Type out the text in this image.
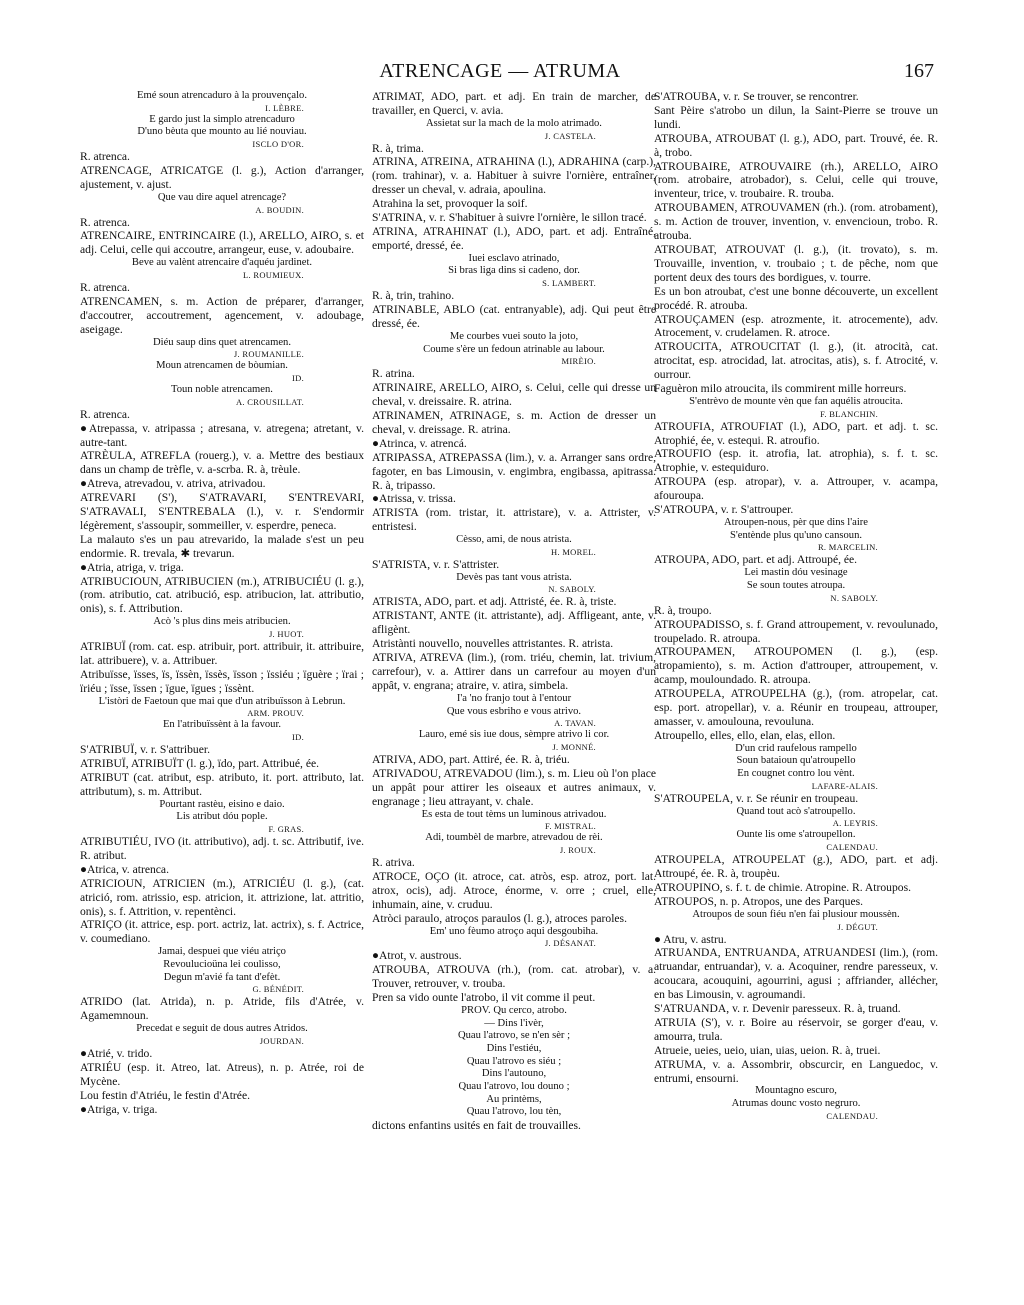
ATRENCAGE — ATRUMA	167

Emé soun atrencaduro à la prouvençalo.

I. LÈBRE.

E gardo just la simplo atrencaduro

D'uno bèuta que mounto au lié nouviau.

ISCLO D'OR.

R. atrenca.

ATRENCAGE, ATRICATGE (l. g.), Action d'arranger, ajustement, v. ajust.

Que vau dire aquel atrencage?

A. BOUDIN.

R. atrenca.

ATRENCAIRE, ENTRINCAIRE (l.), ARELLO, AIRO, s. et adj. Celui, celle qui accoutre, arrangeur, euse, v. adoubaire.

Beve au valènt atrencaire d'aquéu jardinet.

L. ROUMIEUX.

R. atrenca.

ATRENCAMEN, s. m. Action de préparer, d'arranger, d'accoutrer, accoutrement, agencement, v. adoubage, aseigage.

Diéu saup dins quet atrencamen.

J. ROUMANILLE.

Moun atrencamen de bòumian.

ID.

Toun noble atrencamen.

A. CROUSILLAT.

R. atrenca.

●Atrepassa, v. atripassa ; atresana, v. atregena; atretant, v. autre-tant.

ATRÈULA, ATREFLA (rouerg.), v. a. Mettre des bestiaux dans un champ de trèfle, v. a-scrba. R. à, trèule.

●Atreva, atrevadou, v. atriva, atrivadou.

ATREVARI (S'), S'ATRAVARI, S'ENTREVARI, S'ATRAVALI, S'ENTREBALA (l.), v. r. S'endormir légèrement, s'assoupir, sommeiller, v. esperdre, peneca.

La malauto s'es un pau atrevarido, la malade s'est un peu endormie. R. trevala, ✱ trevarun.

●Atria, atriga, v. triga.

ATRIBUCIOUN, ATRIBUCIEN (m.), ATRIBUCIÉU (l. g.), (rom. atributio, cat. atribució, esp. atribucion, lat. attributio, onis), s. f. Attribution.

Acò 's plus dins meis atribucien.

J. HUOT.

ATRIBUÏ (rom. cat. esp. atribuir, port. attribuir, it. attribuire, lat. attribuere), v. a. Attribuer.

Atribuïsse, ïsses, ïs, ïssèn, ïssès, ïsson ; ïssiéu ; ïguère ; ïrai ; ïriéu ; ïsse, ïssen ; ïgue, ïgues ; ïssènt.

L'istòri de Faetoun que mai que d'un atribuïsson à Lebrun.

ARM. PROUV.

En l'atribuïssènt à la favour.

ID.

S'ATRIBUÏ, v. r. S'attribuer.

ATRIBUÏ, ATRIBUÏT (l. g.), ïdo, part. Attribué, ée.

ATRIBUT (cat. atribut, esp. atributo, it. port. attributo, lat. attributum), s. m. Attribut.

Pourtant rastèu, eisino e daio.

Lis atribut dóu pople.

F. GRAS.

ATRIBUTIÉU, IVO (it. attributivo), adj. t. sc. Attributif, ive. R. atribut.

●Atrica, v. atrenca.

ATRICIOUN, ATRICIEN (m.), ATRICIÉU (l. g.), (cat. atrició, rom. atrissio, esp. atricion, it. attrizione, lat. attritio, onis), s. f. Attrition, v. repentènci.

ATRIÇO (it. attrice, esp. port. actriz, lat. actrix), s. f. Actrice, v. coumediano.

Jamai, despuei que viéu atriço

Revoulucioüna lei coulisso,

Degun m'avié fa tant d'efèt.

G. BÉNÉDIT.

ATRIDO (lat. Atrida), n. p. Atride, fils d'Atrée, v. Agamemnoun.

Precedat e seguit de dous autres Atridos.

JOURDAN.

●Atrié, v. trido.

ATRIÉU (esp. it. Atreo, lat. Atreus), n. p. Atrée, roi de Mycène.

Lou festin d'Atriéu, le festin d'Atrée.

●Atriga, v. triga.

ATRIMAT, ADO, part. et adj. En train de marcher, de travailler, en Querci, v. avia.

Assietat sur la mach de la molo atrimado.

J. CASTELA.

R. à, trima.

ATRINA, ATREINA, ATRAHINA (l.), ADRAHINA (carp.), (rom. trahinar), v. a. Habituer à suivre l'ornière, entraîner, dresser un cheval, v. adraia, apoulina.

Atrahina la set, provoquer la soif.

S'ATRINA, v. r. S'habituer à suivre l'ornière, le sillon tracé.

ATRINA, ATRAHINAT (l.), ADO, part. et adj. Entraîné, emporté, dressé, ée.

Iuei esclavo atrinado,

Si bras liga dins si cadeno, dor.

S. LAMBERT.

R. à, trin, trahino.

ATRINABLE, ABLO (cat. entranyable), adj. Qui peut être dressé, ée.

Me courbes vuei souto la joto,

Coume s'ère un fedoun atrinable au labour.

MIRÈIO.

R. atrina.

ATRINAIRE, ARELLO, AIRO, s. Celui, celle qui dresse un cheval, v. dreissaire. R. atrina.

ATRINAMEN, ATRINAGE, s. m. Action de dresser un cheval, v. dreissage. R. atrina.

●Atrinca, v. atrencá.

ATRIPASSA, ATREPASSA (lim.), v. a. Arranger sans ordre, fagoter, en bas Limousin, v. engimbra, engibassa, apitrassa. R. à, tripasso.

●Atrissa, v. trissa.

ATRISTA (rom. tristar, it. attristare), v. a. Attrister, v. entristesi.

Cèsso, ami, de nous atrista.

H. MOREL.

S'ATRISTA, v. r. S'attrister.

Devès pas tant vous atrista.

N. SABOLY.

ATRISTA, ADO, part. et adj. Attristé, ée. R. à, triste.

ATRISTANT, ANTE (it. attristante), adj. Affligeant, ante, v. afligènt.

Atristànti nouvello, nouvelles attristantes. R. atrista.

ATRIVA, ATREVA (lim.), (rom. triéu, chemin, lat. trivium, carrefour), v. a. Attirer dans un carrefour au moyen d'un appât, v. engrana; atraire, v. atira, simbela.

I'a 'no franjo tout à l'entour

Que vous esbriho e vous atrivo.

A. TAVAN.

Lauro, emé sis iue dous, sèmpre atrivo li cor.

J. MONNÉ.

ATRIVA, ADO, part. Attiré, ée. R. à, triéu.

ATRIVADOU, ATREVADOU (lim.), s. m. Lieu où l'on place un appât pour attirer les oiseaux et autres animaux, v. engranage ; lieu attrayant, v. chale.

Es esta de tout tèms un luminous atrivadou.

F. MISTRAL.

Adi, toumbèl de marbre, atrevadou de rèi.

J. ROUX.

R. atriva.

ATROCE, OÇO (it. atroce, cat. atròs, esp. atroz, port. lat. atrox, ocis), adj. Atroce, énorme, v. orre ; cruel, elle, inhumain, aine, v. cruduu.

Atròci paraulo, atroços paraulos (l. g.), atroces paroles.

Em' uno fèumo atroço aqui desgoubiha.

J. DÉSANAT.

●Atrot, v. austrous.

ATROUBA, ATROUVA (rh.), (rom. cat. atrobar), v. a. Trouver, retrouver, v. trouba.

Pren sa vido ounte l'atrobo, il vit comme il peut.

PROV. Qu cerco, atrobo.

— Dins l'ivèr,

Quau l'atrovo, se n'en sèr ;

Dins l'estiéu,

Quau l'atrovo es siéu ;

Dins l'autouno,

Quau l'atrovo, lou douno ;

Au printèms,

Quau l'atrovo, lou tèn,

dictons enfantins usités en fait de trouvailles.

S'ATROUBA, v. r. Se trouver, se rencontrer.

Sant Pèire s'atrobo un dilun, la Saint-Pierre se trouve un lundi.

ATROUBA, ATROUBAT (l. g.), ADO, part. Trouvé, ée. R. à, trobo.

ATROUBAIRE, ATROUVAIRE (rh.), ARELLO, AIRO (rom. atrobaire, atrobador), s. Celui, celle qui trouve, inventeur, trice, v. troubaire. R. trouba.

ATROUBAMEN, ATROUVAMEN (rh.). (rom. atrobament), s. m. Action de trouver, invention, v. envencioun, trobo. R. atrouba.

ATROUBAT, ATROUVAT (l. g.), (it. trovato), s. m. Trouvaille, invention, v. troubaio ; t. de pêche, nom que portent deux des tours des bordigues, v. tourre.

Es un bon atroubat, c'est une bonne découverte, un excellent procédé. R. atrouba.

ATROUÇAMEN (esp. atrozmente, it. atrocemente), adv. Atrocement, v. crudelamen. R. atroce.

ATROUCITA, ATROUCITAT (l. g.), (it. atrocità, cat. atrocitat, esp. atrocidad, lat. atrocitas, atis), s. f. Atrocité, v. ourrour.

Faguèron milo atroucita, ils commirent mille horreurs.

S'entrèvo de mounte vèn que fan aquélis atroucita.

F. BLANCHIN.

ATROUFIA, ATROUFIAT (l.), ADO, part. et adj. t. sc. Atrophié, ée, v. estequi. R. atroufio.

ATROUFIO (esp. it. atrofia, lat. atrophia), s. f. t. sc. Atrophie, v. estequiduro.

ATROUPA (esp. atropar), v. a. Attrouper, v. acampa, afouroupa.

S'ATROUPA, v. r. S'attrouper.

Atroupen-nous, pèr que dins l'aire

S'entènde plus qu'uno cansoun.

R. MARCELIN.

ATROUPA, ADO, part. et adj. Attroupé, ée.

Lei mastin dóu vesinage

Se soun toutes atroupa.

N. SABOLY.

R. à, troupo.

ATROUPADISSO, s. f. Grand attroupement, v. revoulunado, troupelado. R. atroupa.

ATROUPAMEN, ATROUPOMEN (l. g.), (esp. atropamiento), s. m. Action d'attrouper, attroupement, v. acamp, mouloundado. R. atroupa.

ATROUPELA, ATROUPELHA (g.), (rom. atropelar, cat. esp. port. atropellar), v. a. Réunir en troupeau, attrouper, amasser, v. amoulouna, revouluna.

Atroupello, elles, ello, elan, elas, ellon.

D'un crid raufelous rampello

Soun bataioun qu'atroupello

En cougnet contro lou vènt.

LAFARE-ALAIS.

S'ATROUPELA, v. r. Se réunir en troupeau.

Quand tout acò s'atroupello.

A. LEYRIS.

Ounte lis ome s'atroupellon.

CALENDAU.

ATROUPELA, ATROUPELAT (g.), ADO, part. et adj. Attroupé, ée. R. à, troupèu.

ATROUPINO, s. f. t. de chimie. Atropine. R. Atroupos.

ATROUPOS, n. p. Atropos, une des Parques.

Atroupos de soun fiéu n'en fai plusiour moussèn.

J. DÉGUT.

● Atru, v. astru.

ATRUANDA, ENTRUANDA, ATRUANDESI (lim.), (rom. atruandar, entruandar), v. a. Acoquiner, rendre paresseux, v. acoucara, acouquini, agourrini, agusi ; affriander, allécher, en bas Limousin, v. agroumandi.

S'ATRUANDA, v. r. Devenir paresseux. R. à, truand.

ATRUIA (S'), v. r. Boire au réservoir, se gorger d'eau, v. amourra, trula.

Atrueie, ueies, ueio, uian, uias, ueion. R. à, truei.

ATRUMA, v. a. Assombrir, obscurcir, en Languedoc, v. entrumi, ensourni.

Mountagno escuro,

Atrumas dounc vosto negruro.

CALENDAU.
